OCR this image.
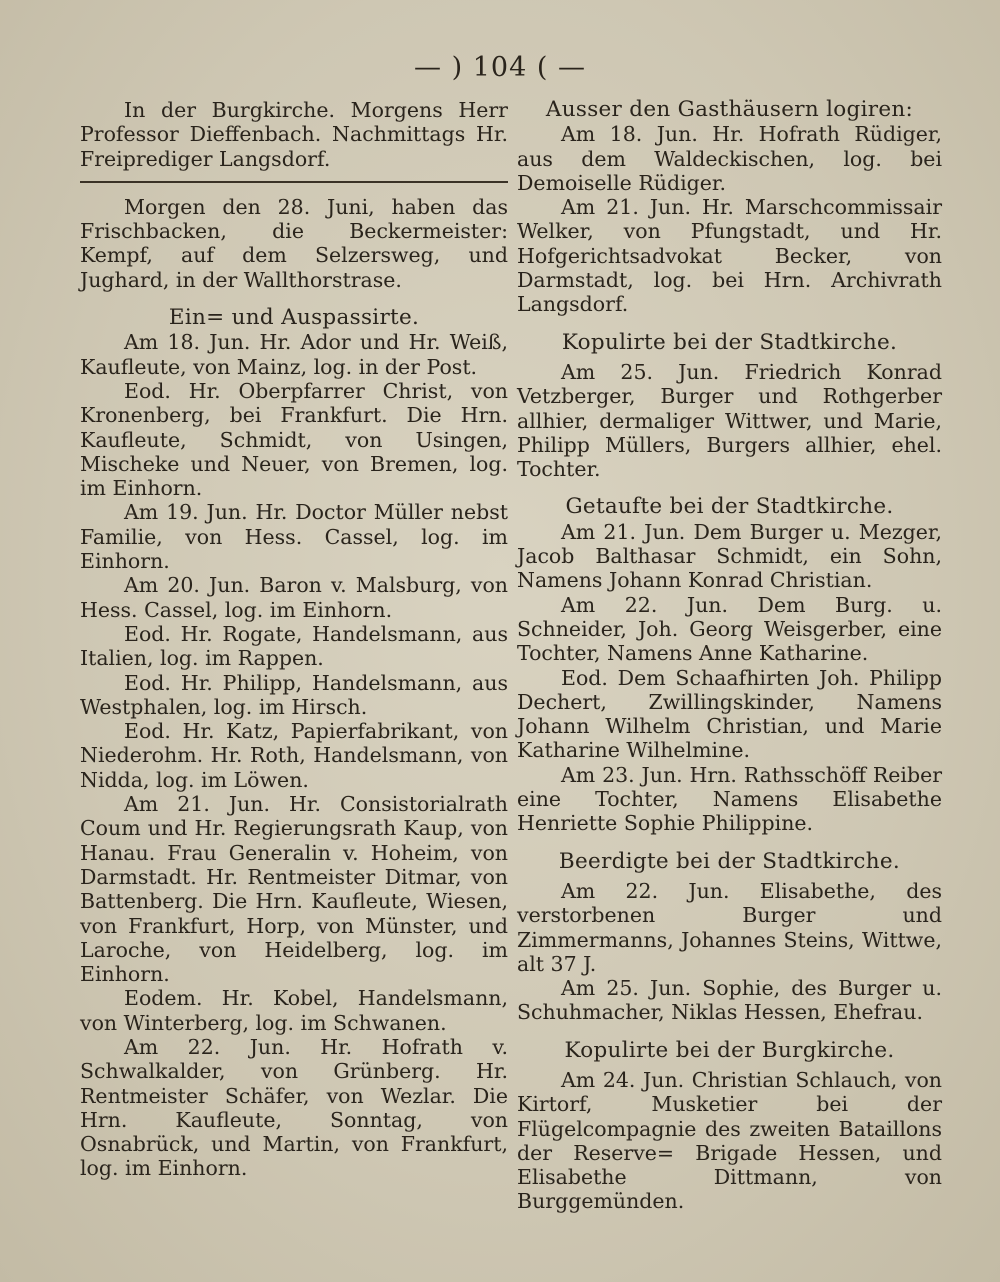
— ) 104 ( —

In der Burgkirche. Morgens Herr Professor Dieffenbach. Nachmittags Hr. Freiprediger Langsdorf.

Morgen den 28. Juni, haben das Frischbacken, die Beckermeister: Kempf, auf dem Selzersweg, und Jughard, in der Wallthorstrase.

Ein= und Auspassirte.

Am 18. Jun. Hr. Ador und Hr. Weiß, Kaufleute, von Mainz, log. in der Post.

Eod. Hr. Oberpfarrer Christ, von Kronenberg, bei Frankfurt. Die Hrn. Kaufleute, Schmidt, von Usingen, Mischeke und Neuer, von Bremen, log. im Einhorn.

Am 19. Jun. Hr. Doctor Müller nebst Familie, von Hess. Cassel, log. im Einhorn.

Am 20. Jun. Baron v. Malsburg, von Hess. Cassel, log. im Einhorn.

Eod. Hr. Rogate, Handelsmann, aus Italien, log. im Rappen.

Eod. Hr. Philipp, Handelsmann, aus Westphalen, log. im Hirsch.

Eod. Hr. Katz, Papierfabrikant, von Niederohm. Hr. Roth, Handelsmann, von Nidda, log. im Löwen.

Am 21. Jun. Hr. Consistorialrath Coum und Hr. Regierungsrath Kaup, von Hanau. Frau Generalin v. Hoheim, von Darmstadt. Hr. Rentmeister Ditmar, von Battenberg. Die Hrn. Kaufleute, Wiesen, von Frankfurt, Horp, von Münster, und Laroche, von Heidelberg, log. im Einhorn.

Eodem. Hr. Kobel, Handelsmann, von Winterberg, log. im Schwanen.

Am 22. Jun. Hr. Hofrath v. Schwalkalder, von Grünberg. Hr. Rentmeister Schäfer, von Wezlar. Die Hrn. Kaufleute, Sonntag, von Osnabrück, und Martin, von Frankfurt, log. im Einhorn.

Ausser den Gasthäusern logiren:

Am 18. Jun. Hr. Hofrath Rüdiger, aus dem Waldeckischen, log. bei Demoiselle Rüdiger.

Am 21. Jun. Hr. Marschcommissair Welker, von Pfungstadt, und Hr. Hofgerichtsadvokat Becker, von Darmstadt, log. bei Hrn. Archivrath Langsdorf.

Kopulirte bei der Stadtkirche.

Am 25. Jun. Friedrich Konrad Vetzberger, Burger und Rothgerber allhier, dermaliger Wittwer, und Marie, Philipp Müllers, Burgers allhier, ehel. Tochter.

Getaufte bei der Stadtkirche.

Am 21. Jun. Dem Burger u. Mezger, Jacob Balthasar Schmidt, ein Sohn, Namens Johann Konrad Christian.

Am 22. Jun. Dem Burg. u. Schneider, Joh. Georg Weisgerber, eine Tochter, Namens Anne Katharine.

Eod. Dem Schaafhirten Joh. Philipp Dechert, Zwillingskinder, Namens Johann Wilhelm Christian, und Marie Katharine Wilhelmine.

Am 23. Jun. Hrn. Rathsschöff Reiber eine Tochter, Namens Elisabethe Henriette Sophie Philippine.

Beerdigte bei der Stadtkirche.

Am 22. Jun. Elisabethe, des verstorbenen Burger und Zimmermanns, Johannes Steins, Wittwe, alt 37 J.

Am 25. Jun. Sophie, des Burger u. Schuhmacher, Niklas Hessen, Ehefrau.

Kopulirte bei der Burgkirche.

Am 24. Jun. Christian Schlauch, von Kirtorf, Musketier bei der Flügelcompagnie des zweiten Bataillons der Reserve= Brigade Hessen, und Elisabethe Dittmann, von Burggemünden.
